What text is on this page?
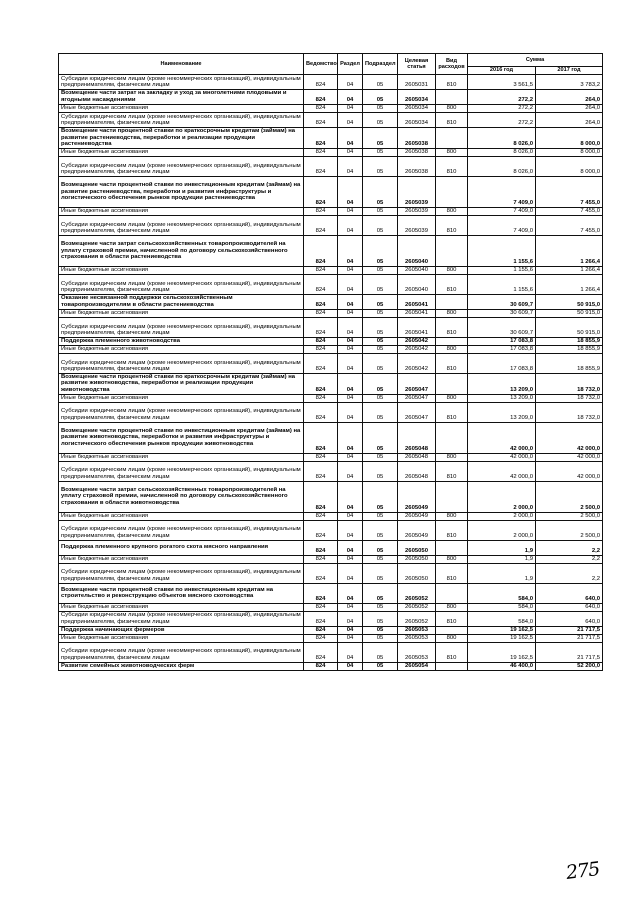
Наименование	Ведомство	Раздел	Подраздел	Целевая статья	Вид расходов	Сумма	
						2016 год	2017 год
Субсидии юридическим лицам (кроме некоммерческих организаций), индивидуальным предпринимателям, физическим лицам	824	04	05	2605031	810	3 561,5	3 783,2
Возмещение части затрат на закладку и уход за многолетними плодовыми и ягодными насаждениями	824	04	05	2605034		272,2	264,0
Иные бюджетные ассигнования	824	04	05	2605034	800	272,2	264,0
Субсидии юридическим лицам (кроме некоммерческих организаций), индивидуальным предпринимателям, физическим лицам	824	04	05	2605034	810	272,2	264,0
Возмещение части процентной ставки по краткосрочным кредитам (займам) на развитие растениеводства, переработки и реализации продукции растениеводства	824	04	05	2605038		8 026,0	8 000,0
Иные бюджетные ассигнования	824	04	05	2605038	800	8 026,0	8 000,0
Субсидии юридическим лицам (кроме некоммерческих организаций), индивидуальным предпринимателям, физическим лицам	824	04	05	2605038	810	8 026,0	8 000,0
Возмещение части процентной ставки по инвестиционным кредитам (займам) на развитие растениеводства, переработки и развития инфраструктуры и логистического обеспечения рынков продукции растениеводства	824	04	05	2605039		7 409,0	7 455,0
Иные бюджетные ассигнования	824	04	05	2605039	800	7 409,0	7 455,0
Субсидии юридическим лицам (кроме некоммерческих организаций), индивидуальным предпринимателям, физическим лицам	824	04	05	2605039	810	7 409,0	7 455,0
Возмещение части затрат сельскохозяйственных товаропроизводителей на уплату страховой премии, начисленной по договору сельскохозяйственного страхования в области растениеводства	824	04	05	2605040		1 155,6	1 266,4
Иные бюджетные ассигнования	824	04	05	2605040	800	1 155,6	1 266,4
Субсидии юридическим лицам (кроме некоммерческих организаций), индивидуальным предпринимателям, физическим лицам	824	04	05	2605040	810	1 155,6	1 266,4
Оказание несвязанной поддержки сельскохозяйственным товаропроизводителям в области растениеводства	824	04	05	2605041		30 609,7	50 915,0
Иные бюджетные ассигнования	824	04	05	2605041	800	30 609,7	50 915,0
Субсидии юридическим лицам (кроме некоммерческих организаций), индивидуальным предпринимателям, физическим лицам	824	04	05	2605041	810	30 609,7	50 915,0
Поддержка племенного животноводства	824	04	05	2605042		17 083,8	18 855,9
Иные бюджетные ассигнования	824	04	05	2605042	800	17 083,8	18 855,9
Субсидии юридическим лицам (кроме некоммерческих организаций), индивидуальным предпринимателям, физическим лицам	824	04	05	2605042	810	17 083,8	18 855,9
Возмещение части процентной ставки по краткосрочным кредитам (займам) на развитие животноводства, переработки и реализации продукции животноводства	824	04	05	2605047		13 209,0	18 732,0
Иные бюджетные ассигнования	824	04	05	2605047	800	13 209,0	18 732,0
Субсидии юридическим лицам (кроме некоммерческих организаций), индивидуальным предпринимателям, физическим лицам	824	04	05	2605047	810	13 209,0	18 732,0
Возмещение части процентной ставки по инвестиционным кредитам (займам) на развитие животноводства, переработки и развития инфраструктуры и логистического обеспечения рынков продукции животноводства	824	04	05	2605048		42 000,0	42 000,0
Иные бюджетные ассигнования	824	04	05	2605048	800	42 000,0	42 000,0
Субсидии юридическим лицам (кроме некоммерческих организаций), индивидуальным предпринимателям, физическим лицам	824	04	05	2605048	810	42 000,0	42 000,0
Возмещение части затрат сельскохозяйственных товаропроизводителей на уплату страховой премии, начисленной по договору сельскохозяйственного страхования в области животноводства	824	04	05	2605049		2 000,0	2 500,0
Иные бюджетные ассигнования	824	04	05	2605049	800	2 000,0	2 500,0
Субсидии юридическим лицам (кроме некоммерческих организаций), индивидуальным предпринимателям, физическим лицам	824	04	05	2605049	810	2 000,0	2 500,0
Поддержка племенного крупного рогатого скота мясного направления	824	04	05	2605050		1,9	2,2
Иные бюджетные ассигнования	824	04	05	2605050	800	1,9	2,2
Субсидии юридическим лицам (кроме некоммерческих организаций), индивидуальным предпринимателям, физическим лицам	824	04	05	2605050	810	1,9	2,2
Возмещение части процентной ставки по инвестиционным кредитам на строительство и реконструкцию объектов мясного скотоводства	824	04	05	2605052		584,0	640,0
Иные бюджетные ассигнования	824	04	05	2605052	800	584,0	640,0
Субсидии юридическим лицам (кроме некоммерческих организаций), индивидуальным предпринимателям, физическим лицам	824	04	05	2605052	810	584,0	640,0
Поддержка начинающих фермеров	824	04	05	2605053		19 162,5	21 717,5
Иные бюджетные ассигнования	824	04	05	2605053	800	19 162,5	21 717,5
Субсидии юридическим лицам (кроме некоммерческих организаций), индивидуальным предпринимателям, физическим лицам	824	04	05	2605053	810	19 162,5	21 717,5
Развитие семейных животноводческих ферм	824	04	05	2605054		46 400,0	52 200,0
275
